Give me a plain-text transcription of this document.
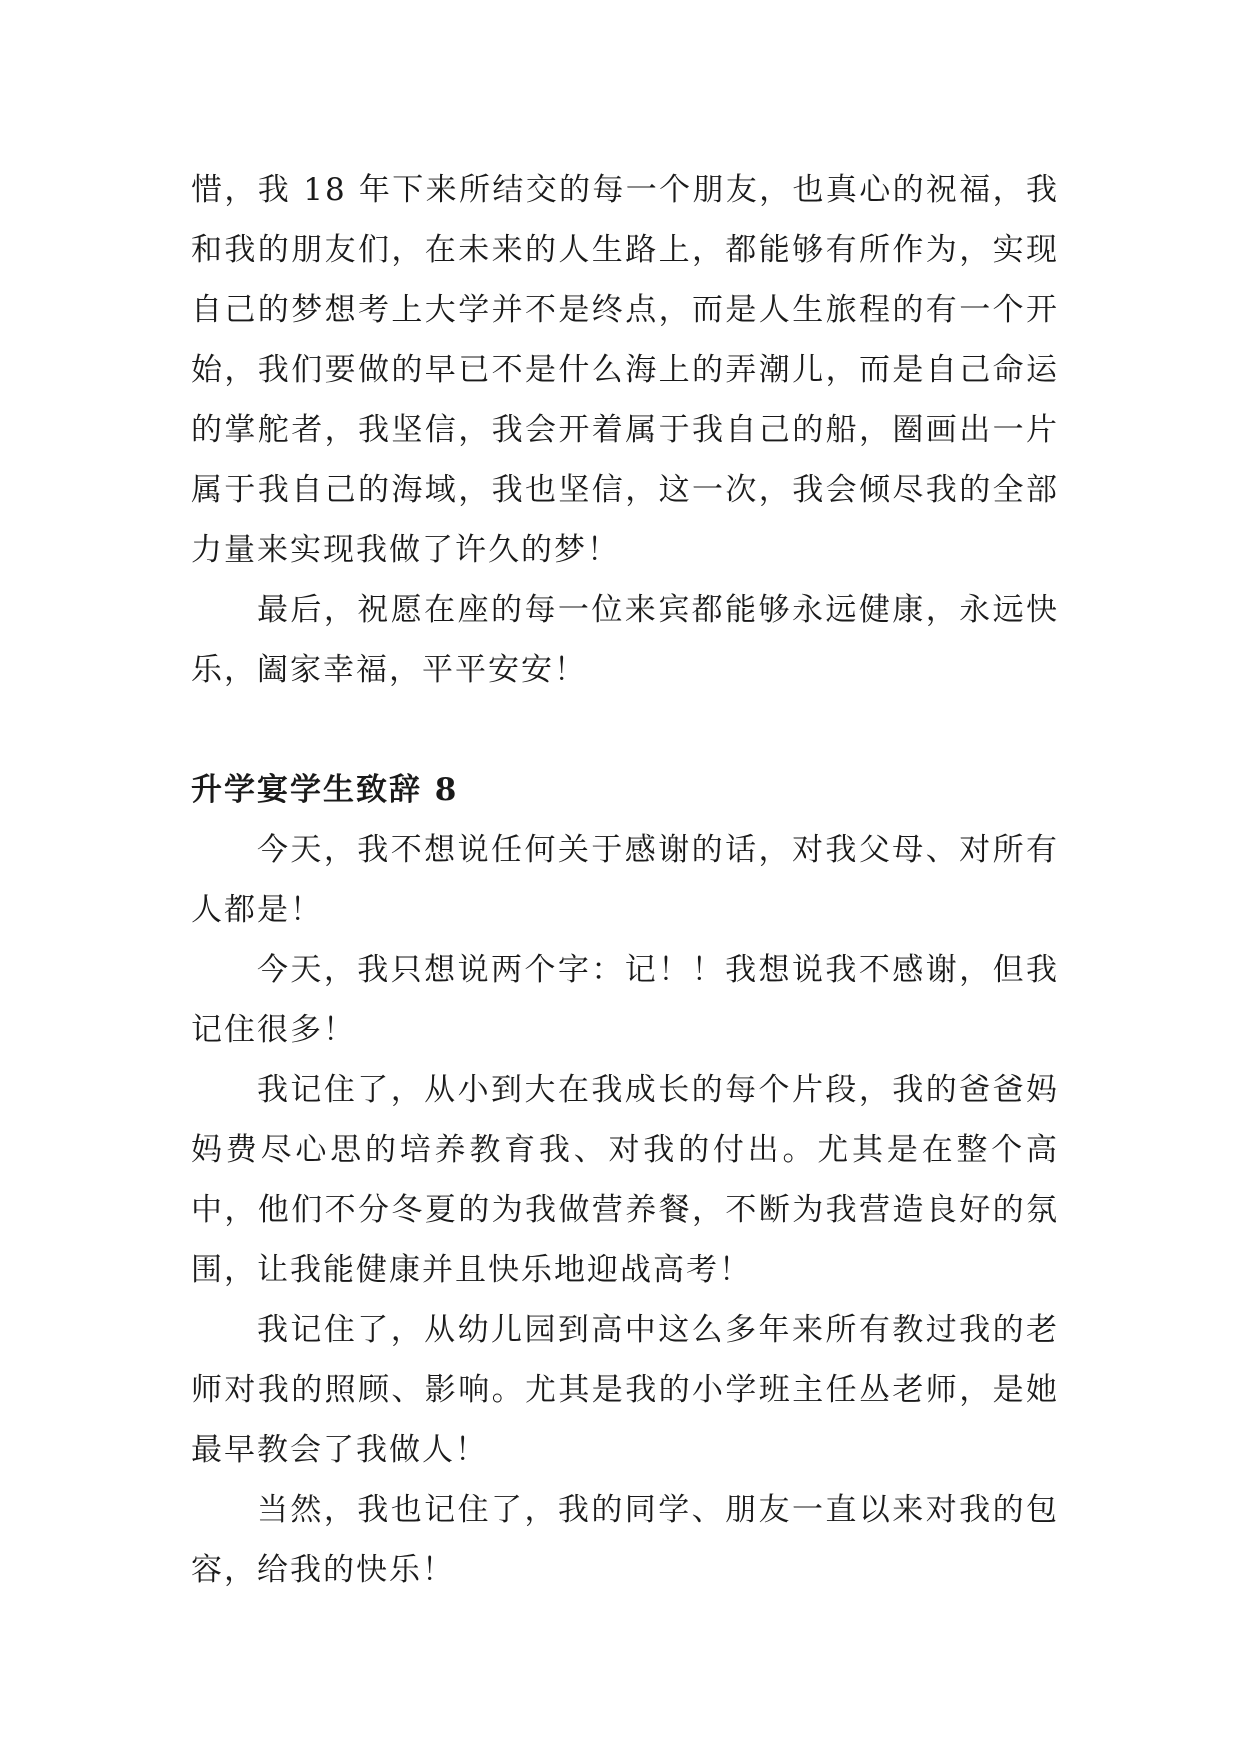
惜，我 18 年下来所结交的每一个朋友，也真心的祝福，我和我的朋友们，在未来的人生路上，都能够有所作为，实现自己的梦想考上大学并不是终点，而是人生旅程的有一个开始，我们要做的早已不是什么海上的弄潮儿，而是自己命运的掌舵者，我坚信，我会开着属于我自己的船，圈画出一片属于我自己的海域，我也坚信，这一次，我会倾尽我的全部力量来实现我做了许久的梦！

最后，祝愿在座的每一位来宾都能够永远健康，永远快乐，阖家幸福，平平安安！

升学宴学生致辞 8

今天，我不想说任何关于感谢的话，对我父母、对所有人都是！

今天，我只想说两个字：记！！我想说我不感谢，但我记住很多！

我记住了，从小到大在我成长的每个片段，我的爸爸妈妈费尽心思的培养教育我、对我的付出。尤其是在整个高中，他们不分冬夏的为我做营养餐，不断为我营造良好的氛围，让我能健康并且快乐地迎战高考！

我记住了，从幼儿园到高中这么多年来所有教过我的老师对我的照顾、影响。尤其是我的小学班主任丛老师，是她最早教会了我做人！

当然，我也记住了，我的同学、朋友一直以来对我的包容，给我的快乐！
